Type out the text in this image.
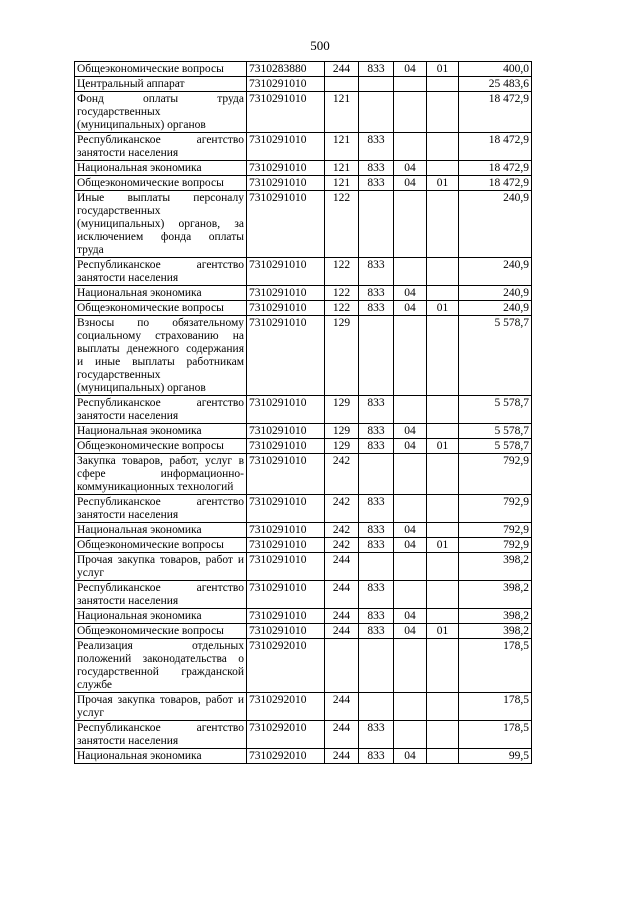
500
Общеэкономические вопросы	7310283880	244	833	04	01	400,0
Центральный аппарат	7310291010					25 483,6
Фонд оплаты труда государственных (муниципальных) органов	7310291010	121				18 472,9
Республиканское агентство занятости населения	7310291010	121	833			18 472,9
Национальная экономика	7310291010	121	833	04		18 472,9
Общеэкономические вопросы	7310291010	121	833	04	01	18 472,9
Иные выплаты персоналу государственных (муниципальных) органов, за исключением фонда оплаты труда	7310291010	122				240,9
Республиканское агентство занятости населения	7310291010	122	833			240,9
Национальная экономика	7310291010	122	833	04		240,9
Общеэкономические вопросы	7310291010	122	833	04	01	240,9
Взносы по обязательному социальному страхованию на выплаты денежного содержания и иные выплаты работникам государственных (муниципальных) органов	7310291010	129				5 578,7
Республиканское агентство занятости населения	7310291010	129	833			5 578,7
Национальная экономика	7310291010	129	833	04		5 578,7
Общеэкономические вопросы	7310291010	129	833	04	01	5 578,7
Закупка товаров, работ, услуг в сфере информационно-коммуникационных технологий	7310291010	242				792,9
Республиканское агентство занятости населения	7310291010	242	833			792,9
Национальная экономика	7310291010	242	833	04		792,9
Общеэкономические вопросы	7310291010	242	833	04	01	792,9
Прочая закупка товаров, работ и услуг	7310291010	244				398,2
Республиканское агентство занятости населения	7310291010	244	833			398,2
Национальная экономика	7310291010	244	833	04		398,2
Общеэкономические вопросы	7310291010	244	833	04	01	398,2
Реализация отдельных положений законодательства о государственной гражданской службе	7310292010					178,5
Прочая закупка товаров, работ и услуг	7310292010	244				178,5
Республиканское агентство занятости населения	7310292010	244	833			178,5
Национальная экономика	7310292010	244	833	04		99,5
